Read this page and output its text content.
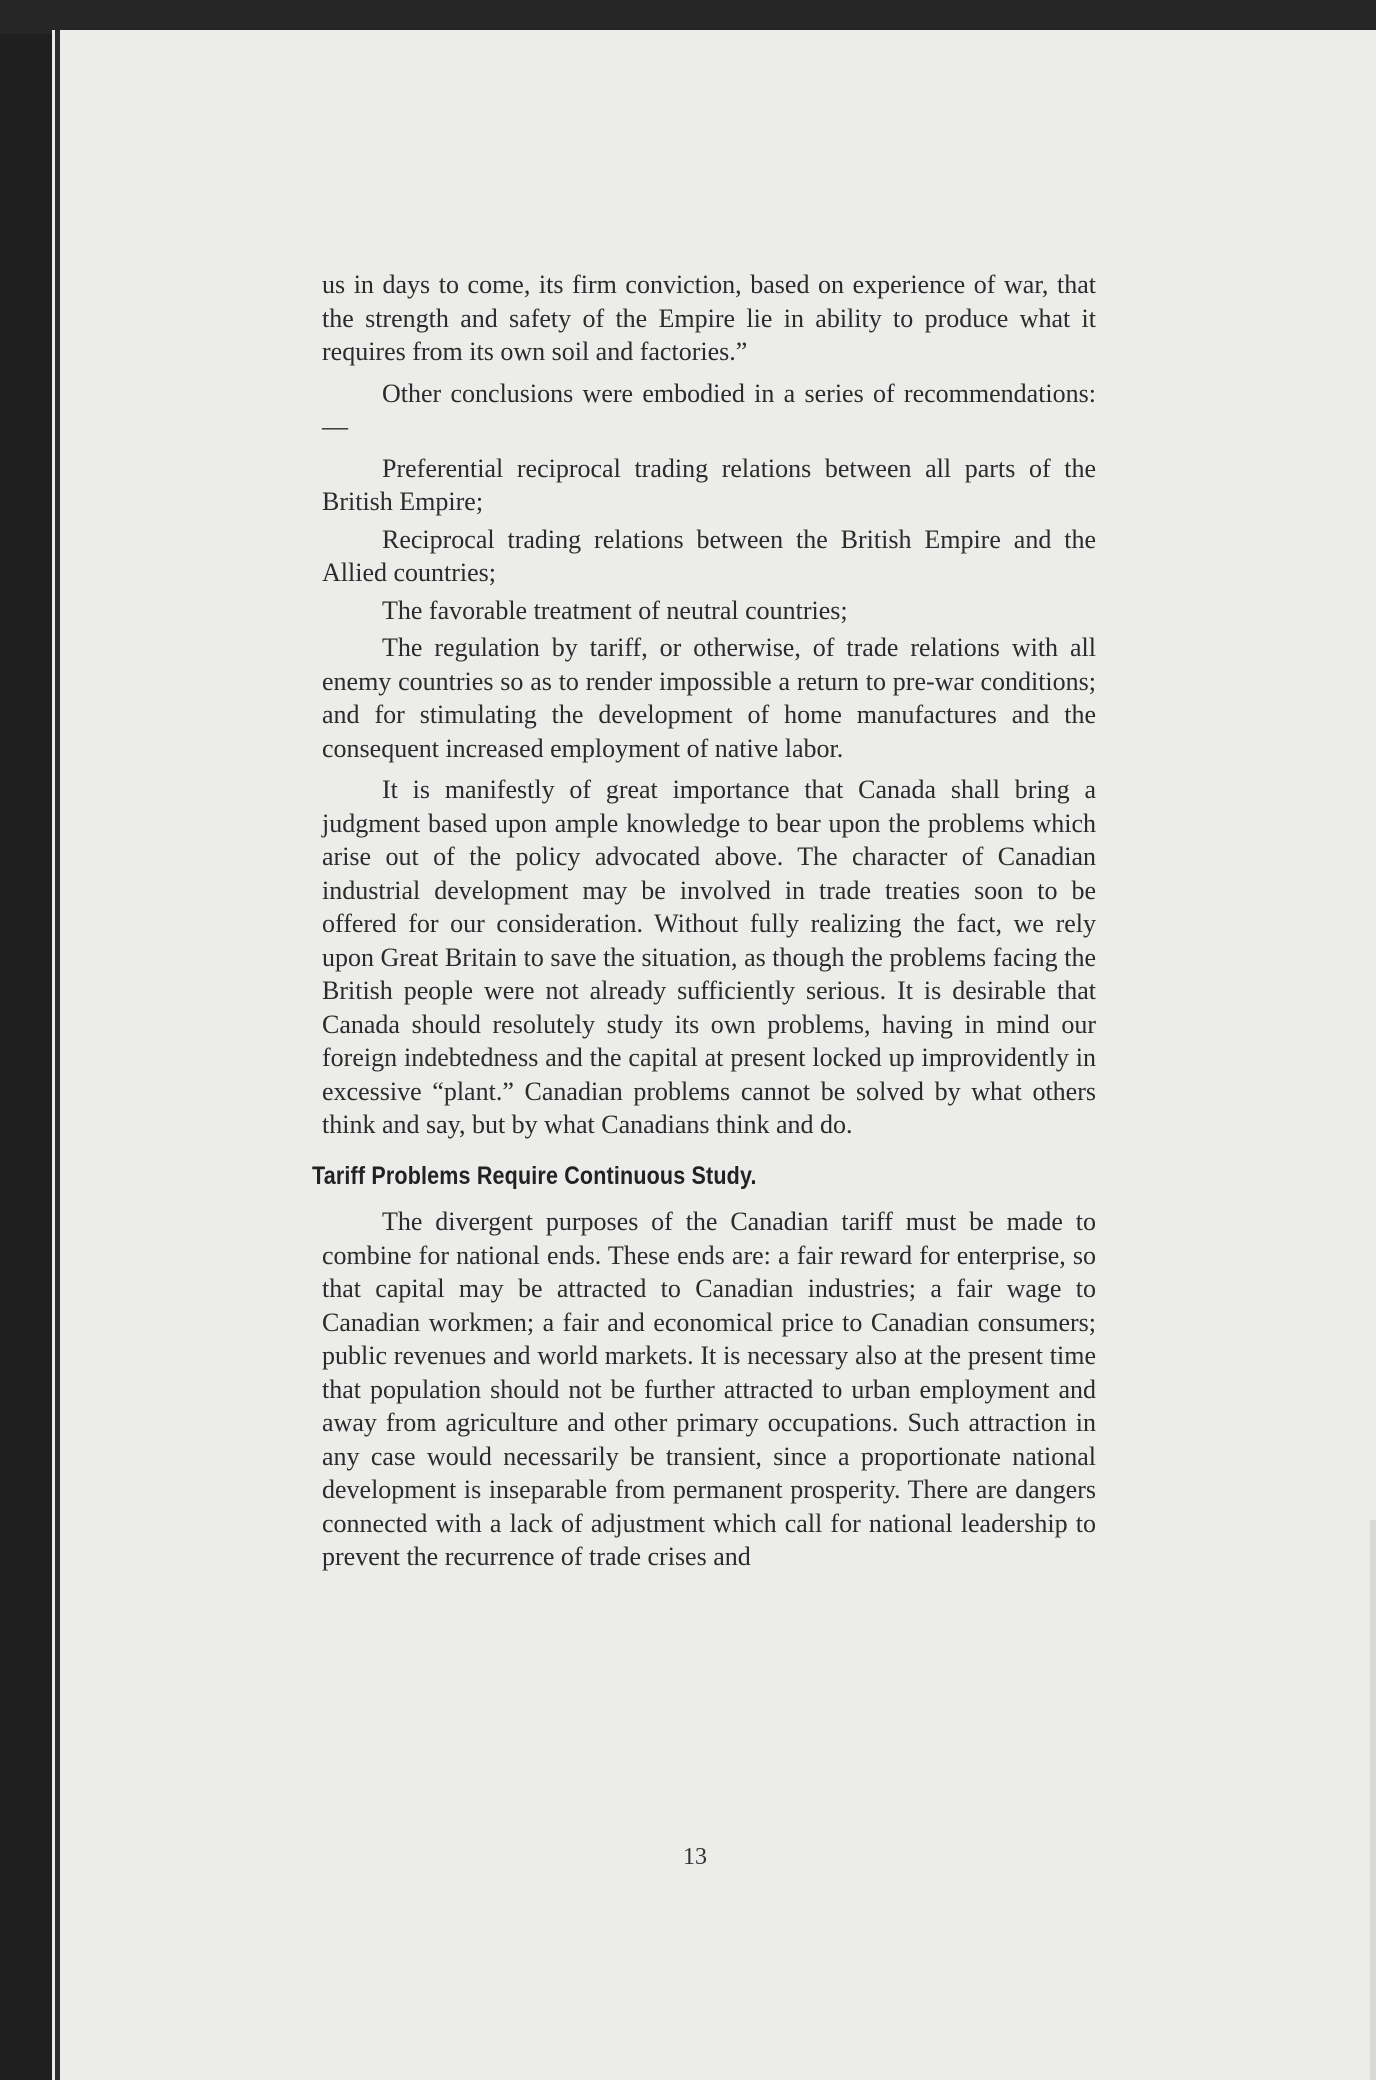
us in days to come, its firm conviction, based on experience of war, that the strength and safety of the Empire lie in ability to produce what it requires from its own soil and factories.”

Other conclusions were embodied in a series of recommendations:—

Preferential reciprocal trading relations between all parts of the British Empire;

Reciprocal trading relations between the British Empire and the Allied countries;

The favorable treatment of neutral countries;

The regulation by tariff, or otherwise, of trade relations with all enemy countries so as to render impossible a return to pre-war conditions; and for stimulating the development of home manufactures and the consequent increased employment of native labor.

It is manifestly of great importance that Canada shall bring a judgment based upon ample knowledge to bear upon the problems which arise out of the policy advocated above. The character of Canadian industrial development may be involved in trade treaties soon to be offered for our consideration. Without fully realizing the fact, we rely upon Great Britain to save the situation, as though the problems facing the British people were not already sufficiently serious. It is desirable that Canada should resolutely study its own problems, having in mind our foreign indebtedness and the capital at present locked up improvidently in excessive “plant.” Canadian problems cannot be solved by what others think and say, but by what Canadians think and do.

Tariff Problems Require Continuous Study.

The divergent purposes of the Canadian tariff must be made to combine for national ends. These ends are: a fair reward for enterprise, so that capital may be attracted to Canadian industries; a fair wage to Canadian workmen; a fair and economical price to Canadian consumers; public revenues and world markets. It is necessary also at the present time that population should not be further attracted to urban employment and away from agriculture and other primary occupations. Such attraction in any case would necessarily be transient, since a proportionate national development is inseparable from permanent prosperity. There are dangers connected with a lack of adjustment which call for national leadership to prevent the recurrence of trade crises and

13
